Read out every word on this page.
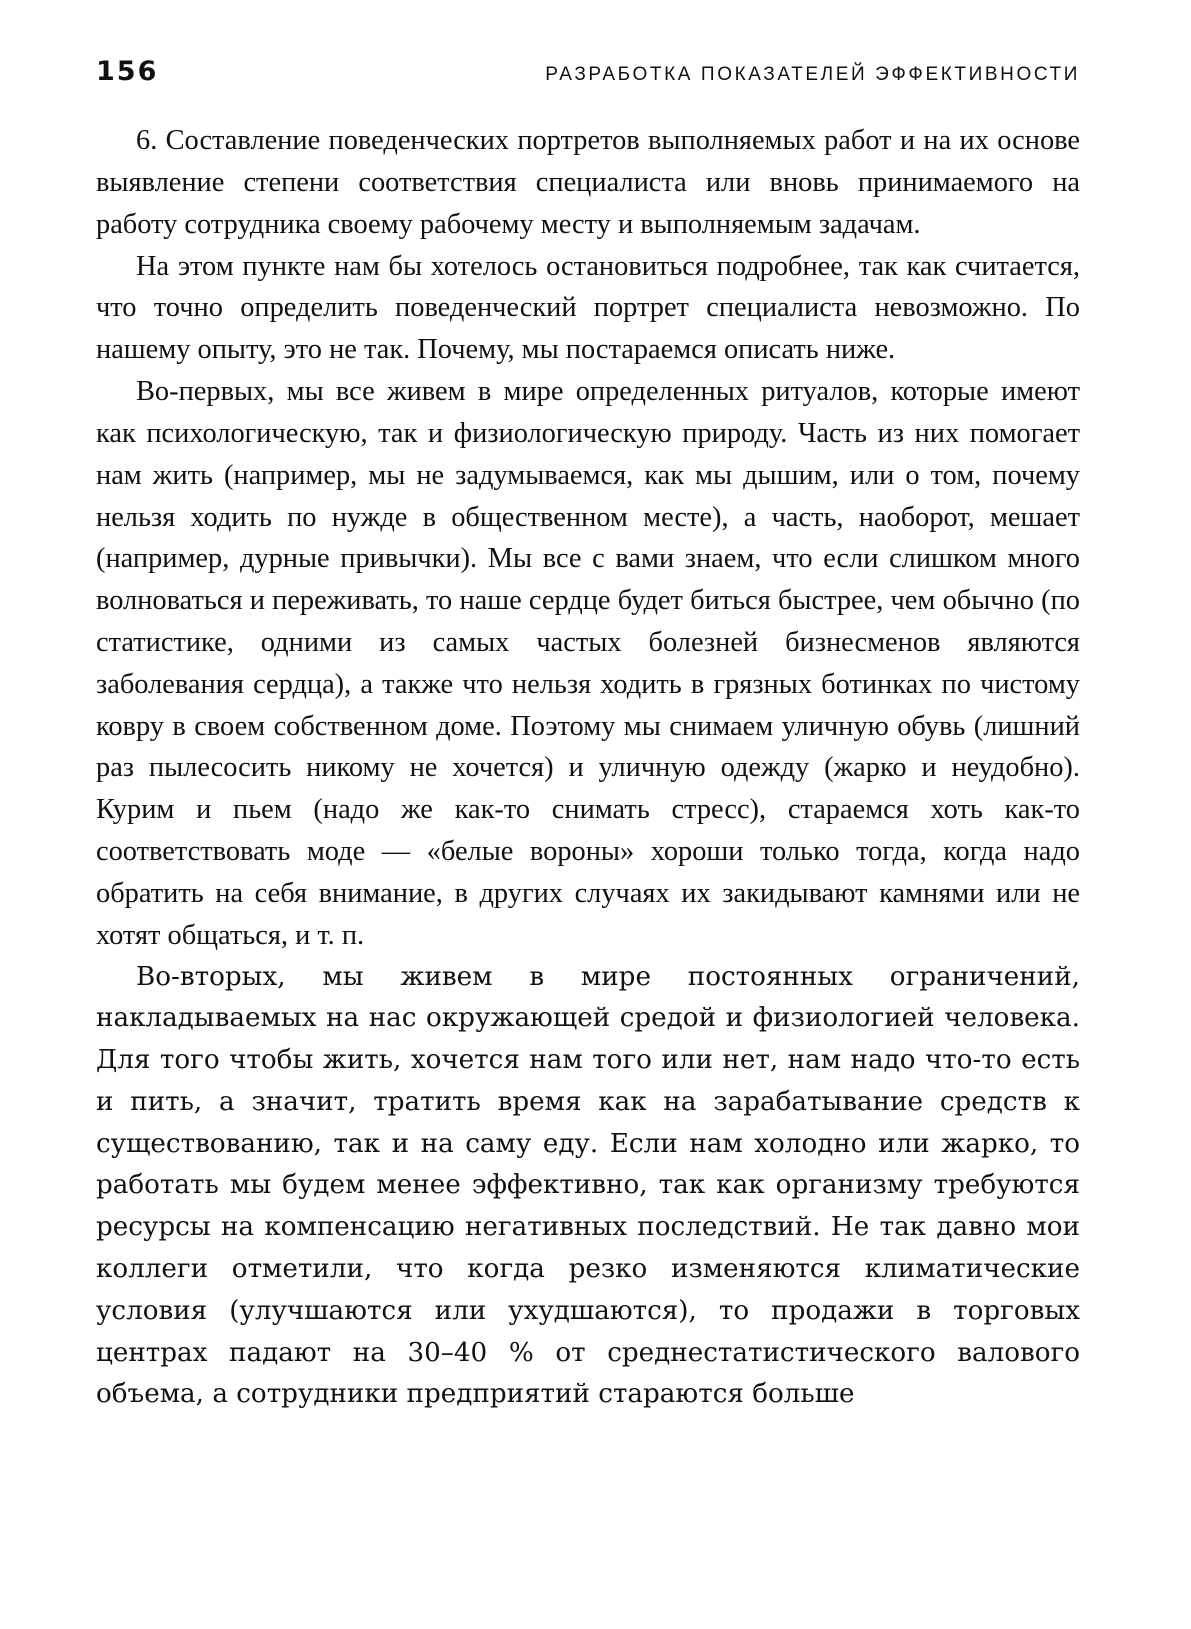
156	РАЗРАБОТКА ПОКАЗАТЕЛЕЙ ЭФФЕКТИВНОСТИ

6. Составление поведенческих портретов выполняемых работ и на их основе выявление степени соответствия специалиста или вновь принимаемого на работу сотрудника своему рабочему месту и выполняемым задачам.

На этом пункте нам бы хотелось остановиться подробнее, так как считается, что точно определить поведенческий портрет специалиста невозможно. По нашему опыту, это не так. Почему, мы постараемся описать ниже.

Во-первых, мы все живем в мире определенных ритуалов, которые имеют как психологическую, так и физиологическую природу. Часть из них помогает нам жить (например, мы не задумываемся, как мы дышим, или о том, почему нельзя ходить по нужде в общественном месте), а часть, наоборот, мешает (например, дурные привычки). Мы все с вами знаем, что если слишком много волноваться и переживать, то наше сердце будет биться быстрее, чем обычно (по статистике, одними из самых частых болезней бизнесменов являются заболевания сердца), а также что нельзя ходить в грязных ботинках по чистому ковру в своем собственном доме. Поэтому мы снимаем уличную обувь (лишний раз пылесосить никому не хочется) и уличную одежду (жарко и неудобно). Курим и пьем (надо же как-то снимать стресс), стараемся хоть как-то соответствовать моде — «белые вороны» хороши только тогда, когда надо обратить на себя внимание, в других случаях их закидывают камнями или не хотят общаться, и т. п.

Во-вторых, мы живем в мире постоянных ограничений, накладываемых на нас окружающей средой и физиологией человека. Для того чтобы жить, хочется нам того или нет, нам надо что-то есть и пить, а значит, тратить время как на зарабатывание средств к существованию, так и на саму еду. Если нам холодно или жарко, то работать мы будем менее эффективно, так как организму требуются ресурсы на компенсацию негативных последствий. Не так давно мои коллеги отметили, что когда резко изменяются климатические условия (улучшаются или ухудшаются), то продажи в торговых центрах падают на 30–40 % от среднестатистического валового объема, а сотрудники предприятий стараются больше
